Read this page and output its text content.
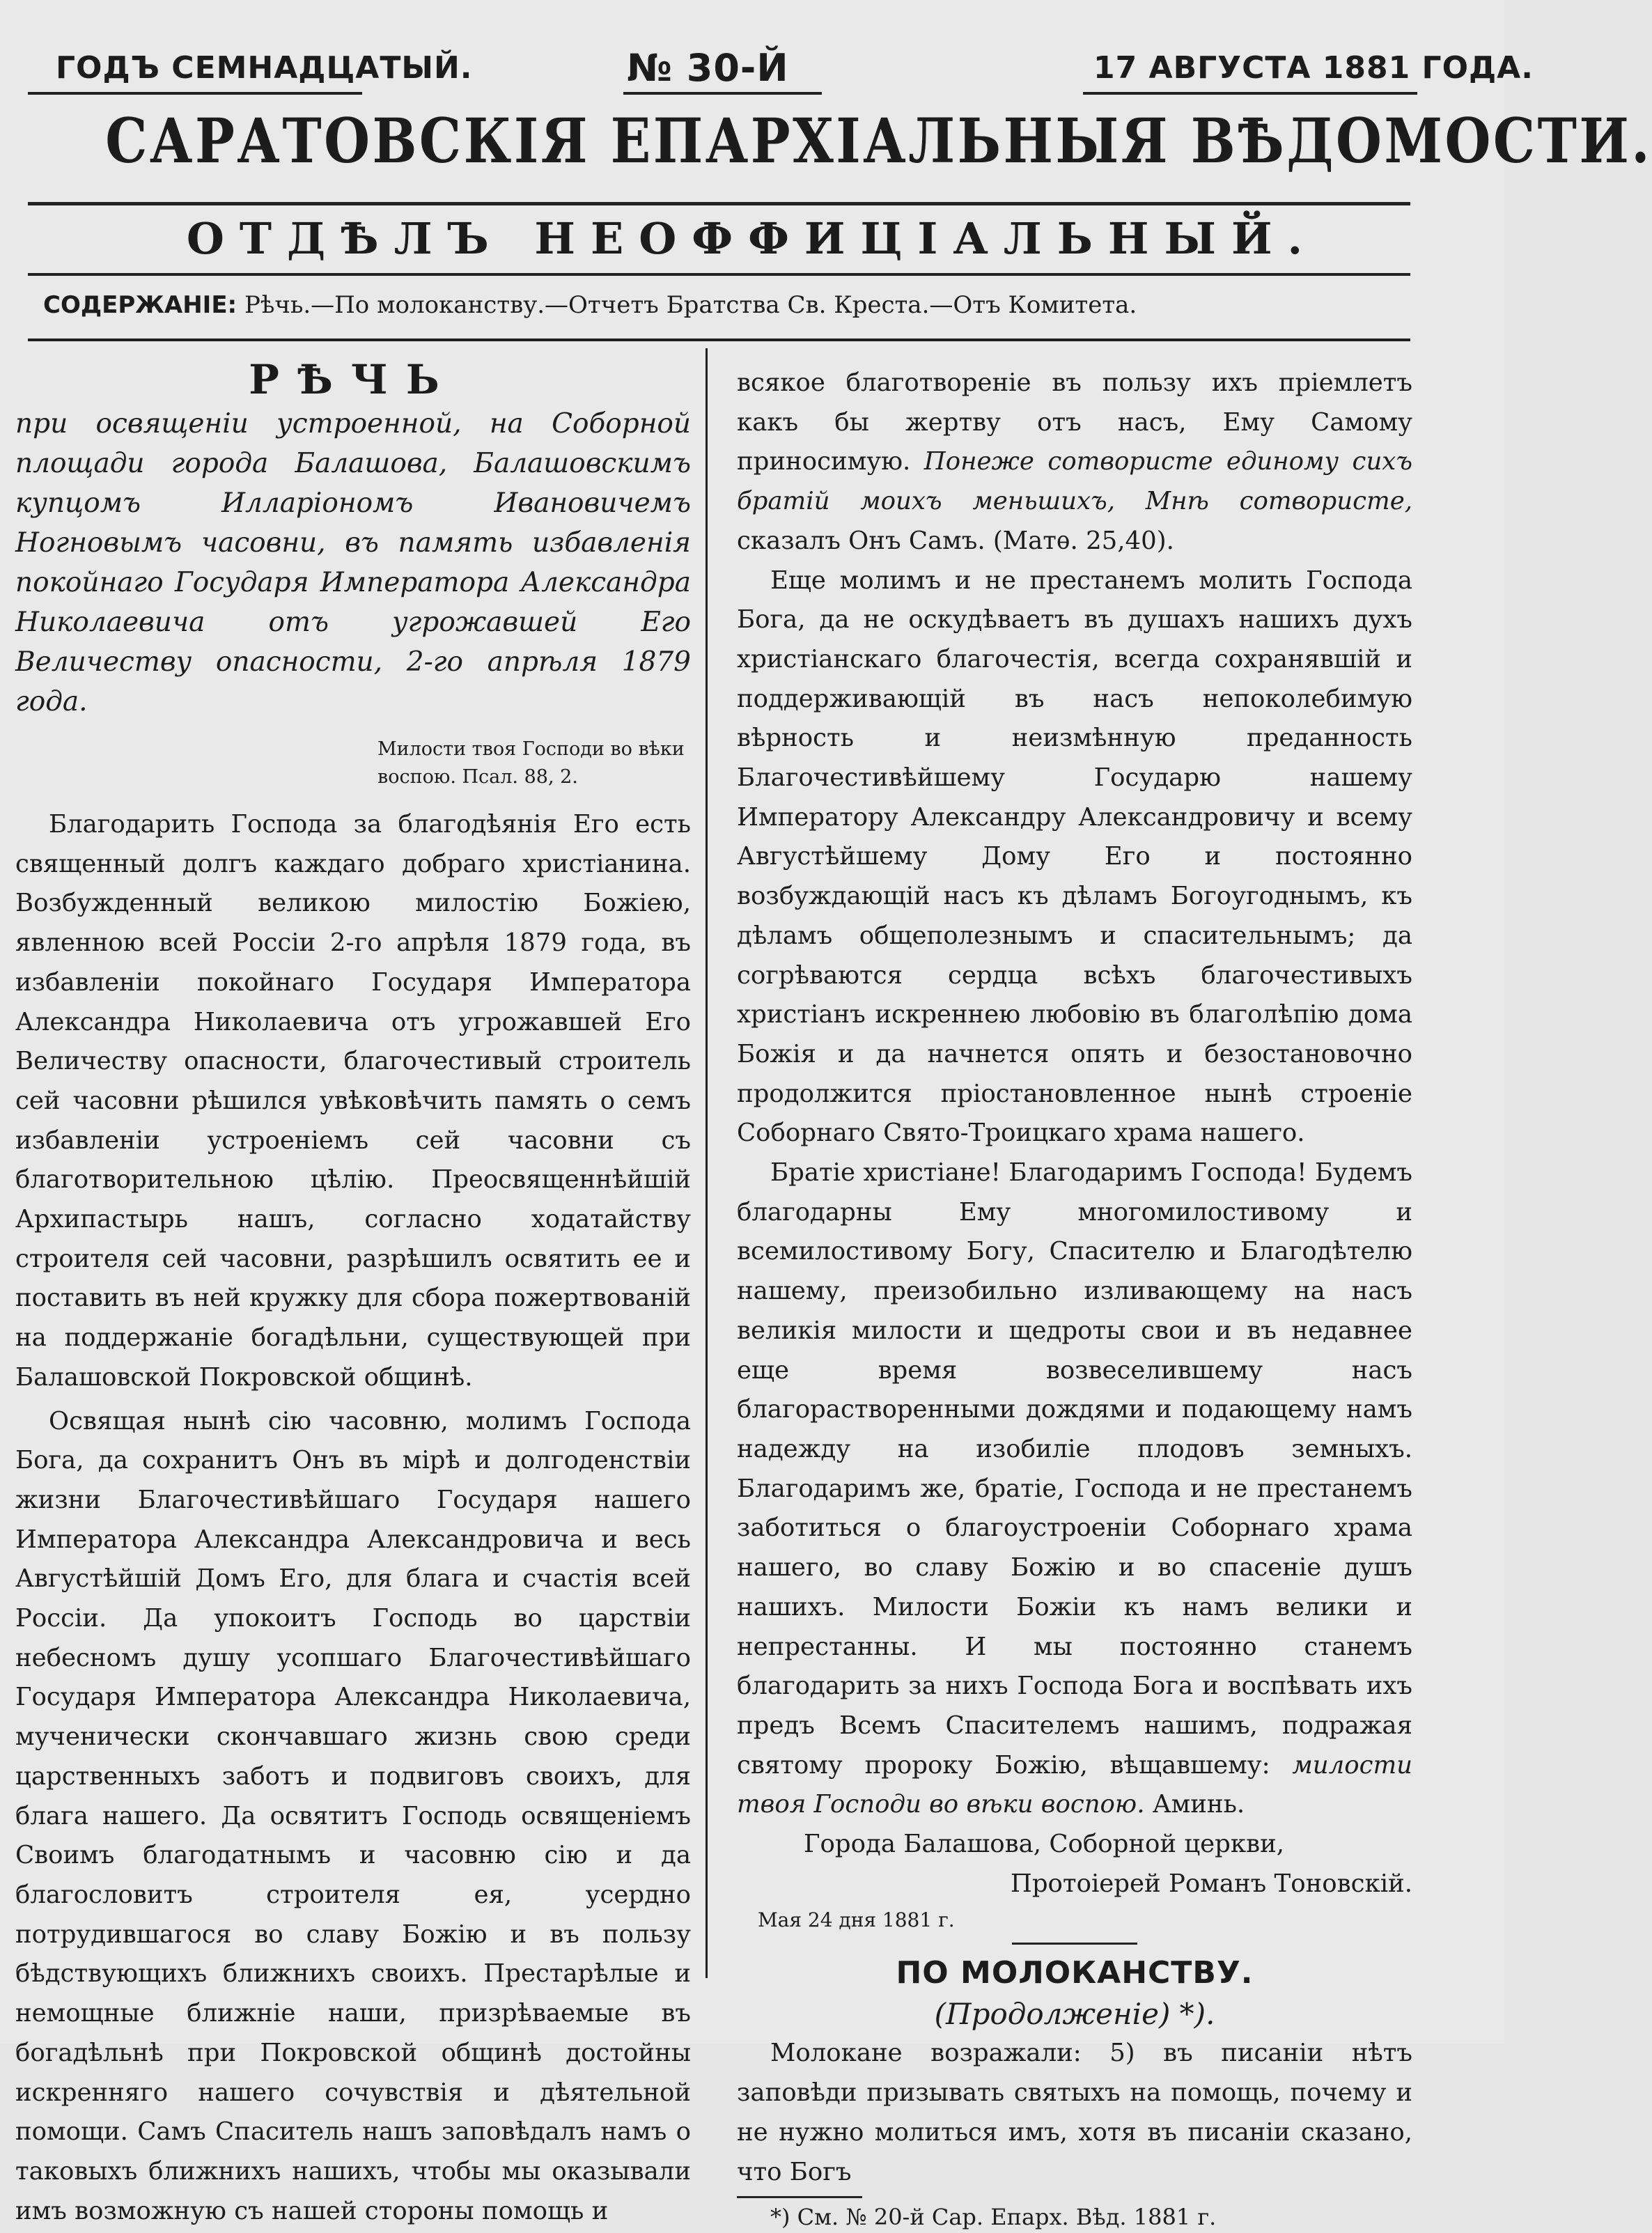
ГОДЪ СЕМНАДЦАТЫЙ.	№ 30-Й	17 АВГУСТА 1881 ГОДА.
САРАТОВСКІЯ ЕПАРХІАЛЬНЫЯ ВѢДОМОСТИ.
ОТДѢЛЪ НЕОФФИЦІАЛЬНЫЙ.
СОДЕРЖАНІЕ: Рѣчь.—По молоканству.—Отчетъ Братства Св. Креста.—Отъ Комитета.
РѢЧЬ

при освященіи устроенной, на Соборной площади города Балашова, Балашовскимъ купцомъ Илларіономъ Ивановичемъ Ногновымъ часовни, въ память избавленія покойнаго Государя Императора Александра Николаевича отъ угрожавшей Его Величеству опасности, 2-го апрѣля 1879 года.

Милости твоя Господи во вѣки воспою. Псал. 88, 2.

Благодарить Господа за благодѣянія Его есть священный долгъ каждаго добраго христіанина. Возбужденный великою милостію Божіею, явленною всей Россіи 2-го апрѣля 1879 года, въ избавленіи покойнаго Государя Императора Александра Николаевича отъ угрожавшей Его Величеству опасности, благочестивый строитель сей часовни рѣшился увѣковѣчить память о семъ избавленіи устроеніемъ сей часовни съ благотворительною цѣлію. Преосвященнѣйшій Архипастырь нашъ, согласно ходатайству строителя сей часовни, разрѣшилъ освятить ее и поставить въ ней кружку для сбора пожертвованій на поддержаніе богадѣльни, существующей при Балашовской Покровской общинѣ.

Освящая нынѣ сію часовню, молимъ Господа Бога, да сохранитъ Онъ въ мірѣ и долгоденствіи жизни Благочестивѣйшаго Государя нашего Императора Александра Александровича и весь Августѣйшій Домъ Его, для блага и счастія всей Россіи. Да упокоитъ Господь во царствіи небесномъ душу усопшаго Благочестивѣйшаго Государя Императора Александра Николаевича, мученически скончавшаго жизнь свою среди царственныхъ заботъ и подвиговъ своихъ, для блага нашего. Да освятитъ Господь освященіемъ Своимъ благодатнымъ и часовню сію и да благословитъ строителя ея, усердно потрудившагося во славу Божію и въ пользу бѣдствующихъ ближнихъ своихъ. Престарѣлые и немощные ближніе наши, призрѣваемые въ богадѣльнѣ при Покровской общинѣ достойны искренняго нашего сочувствія и дѣятельной помощи. Самъ Спаситель нашъ заповѣдалъ намъ о таковыхъ ближнихъ нашихъ, чтобы мы оказывали имъ возможную съ нашей стороны помощь и

всякое благотвореніе въ пользу ихъ пріемлетъ какъ бы жертву отъ насъ, Ему Самому приносимую. Понеже сотвористе единому сихъ братій моихъ меньшихъ, Мнѣ сотвористе, сказалъ Онъ Самъ. (Матѳ. 25,40).

Еще молимъ и не престанемъ молить Господа Бога, да не оскудѣваетъ въ душахъ нашихъ духъ христіанскаго благочестія, всегда сохранявшій и поддерживающій въ насъ непоколебимую вѣрность и неизмѣнную преданность Благочестивѣйшему Государю нашему Императору Александру Александровичу и всему Августѣйшему Дому Его и постоянно возбуждающій насъ къ дѣламъ Богоугоднымъ, къ дѣламъ общеполезнымъ и спасительнымъ; да согрѣваются сердца всѣхъ благочестивыхъ христіанъ искреннею любовію въ благолѣпію дома Божія и да начнется опять и безостановочно продолжится пріостановленное нынѣ строеніе Соборнаго Свято-Троицкаго храма нашего.

Братіе христіане! Благодаримъ Господа! Будемъ благодарны Ему многомилостивому и всемилостивому Богу, Спасителю и Благодѣтелю нашему, преизобильно изливающему на насъ великія милости и щедроты свои и въ недавнее еще время возвеселившему насъ благорастворенными дождями и подающему намъ надежду на изобиліе плодовъ земныхъ. Благодаримъ же, братіе, Господа и не престанемъ заботиться о благоустроеніи Соборнаго храма нашего, во славу Божію и во спасеніе душъ нашихъ. Милости Божіи къ намъ велики и непрестанны. И мы постоянно станемъ благодарить за нихъ Господа Бога и воспѣвать ихъ предъ Всемъ Спасителемъ нашимъ, подражая святому пророку Божію, вѣщавшему: милости твоя Господи во вѣки воспою. Аминь.

Города Балашова, Соборной церкви,

Протоіерей Романъ Тоновскій.

Мая 24 дня 1881 г.

ПО МОЛОКАНСТВУ.
(Продолженіе) *).

Молокане возражали: 5) въ писаніи нѣтъ заповѣди призывать святыхъ на помощь, почему и не нужно молиться имъ, хотя въ писаніи сказано, что Богъ

*) См. № 20-й Сар. Епарх. Вѣд. 1881 г.
